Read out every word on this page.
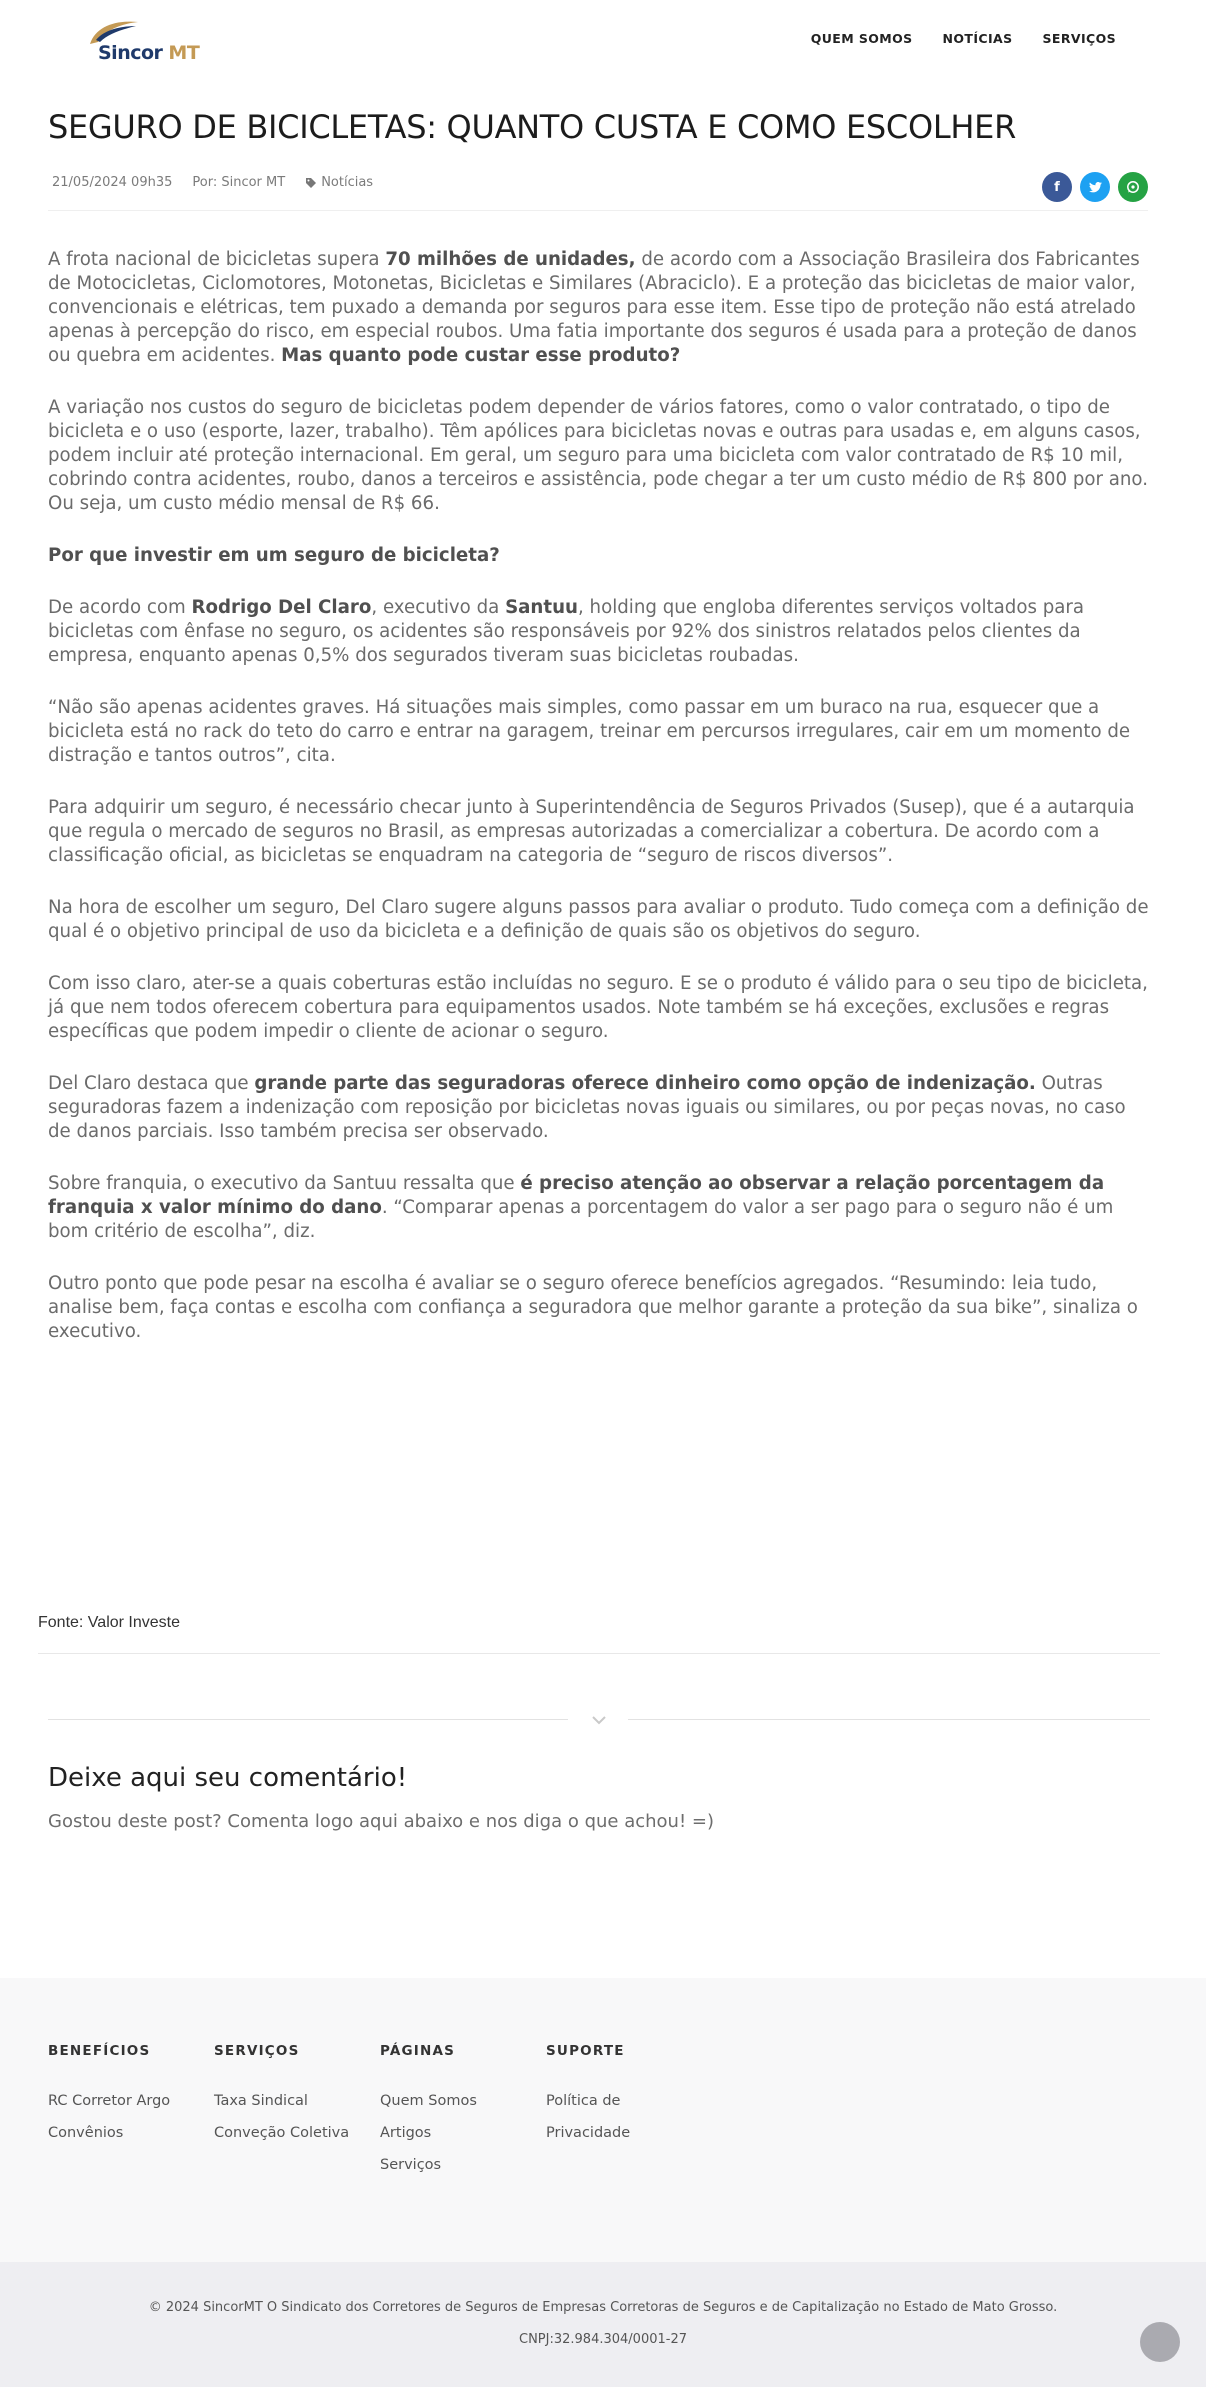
Sincor MT
QUEM SOMOS NOTÍCIAS SERVIÇOS
SEGURO DE BICICLETAS: QUANTO CUSTA E COMO ESCOLHER
21/05/2024 09h35 Por: Sincor MT	Notícias	f

A frota nacional de bicicletas supera 70 milhões de unidades, de acordo com a Associação Brasileira dos Fabricantes de Motocicletas, Ciclomotores, Motonetas, Bicicletas e Similares (Abraciclo). E a proteção das bicicletas de maior valor, convencionais e elétricas, tem puxado a demanda por seguros para esse item. Esse tipo de proteção não está atrelado apenas à percepção do risco, em especial roubos. Uma fatia importante dos seguros é usada para a proteção de danos ou quebra em acidentes. Mas quanto pode custar esse produto?

A variação nos custos do seguro de bicicletas podem depender de vários fatores, como o valor contratado, o tipo de bicicleta e o uso (esporte, lazer, trabalho). Têm apólices para bicicletas novas e outras para usadas e, em alguns casos, podem incluir até proteção internacional. Em geral, um seguro para uma bicicleta com valor contratado de R$ 10 mil, cobrindo contra acidentes, roubo, danos a terceiros e assistência, pode chegar a ter um custo médio de R$ 800 por ano. Ou seja, um custo médio mensal de R$ 66.

Por que investir em um seguro de bicicleta?

De acordo com Rodrigo Del Claro, executivo da Santuu, holding que engloba diferentes serviços voltados para bicicletas com ênfase no seguro, os acidentes são responsáveis por 92% dos sinistros relatados pelos clientes da empresa, enquanto apenas 0,5% dos segurados tiveram suas bicicletas roubadas.

“Não são apenas acidentes graves. Há situações mais simples, como passar em um buraco na rua, esquecer que a bicicleta está no rack do teto do carro e entrar na garagem, treinar em percursos irregulares, cair em um momento de distração e tantos outros”, cita.

Para adquirir um seguro, é necessário checar junto à Superintendência de Seguros Privados (Susep), que é a autarquia que regula o mercado de seguros no Brasil, as empresas autorizadas a comercializar a cobertura. De acordo com a classificação oficial, as bicicletas se enquadram na categoria de “seguro de riscos diversos”.

Na hora de escolher um seguro, Del Claro sugere alguns passos para avaliar o produto. Tudo começa com a definição de qual é o objetivo principal de uso da bicicleta e a definição de quais são os objetivos do seguro.

Com isso claro, ater-se a quais coberturas estão incluídas no seguro. E se o produto é válido para o seu tipo de bicicleta, já que nem todos oferecem cobertura para equipamentos usados. Note também se há exceções, exclusões e regras específicas que podem impedir o cliente de acionar o seguro.

Del Claro destaca que grande parte das seguradoras oferece dinheiro como opção de indenização. Outras seguradoras fazem a indenização com reposição por bicicletas novas iguais ou similares, ou por peças novas, no caso de danos parciais. Isso também precisa ser observado.

Sobre franquia, o executivo da Santuu ressalta que é preciso atenção ao observar a relação porcentagem da franquia x valor mínimo do dano. “Comparar apenas a porcentagem do valor a ser pago para o seguro não é um bom critério de escolha”, diz.

Outro ponto que pode pesar na escolha é avaliar se o seguro oferece benefícios agregados. “Resumindo: leia tudo, analise bem, faça contas e escolha com confiança a seguradora que melhor garante a proteção da sua bike”, sinaliza o executivo.

Fonte: Valor Investe
Deixe aqui seu comentário!
Gostou deste post? Comenta logo aqui abaixo e nos diga o que achou! =)
BENEFÍCIOS
RC Corretor Argo
Convênios
SERVIÇOS
Taxa Sindical
Conveção Coletiva
PÁGINAS
Quem Somos
Artigos
Serviços
SUPORTE
Política de
Privacidade
© 2024 SincorMT O Sindicato dos Corretores de Seguros de Empresas Corretoras de Seguros e de Capitalização no Estado de Mato Grosso.
CNPJ:32.984.304/0001-27
